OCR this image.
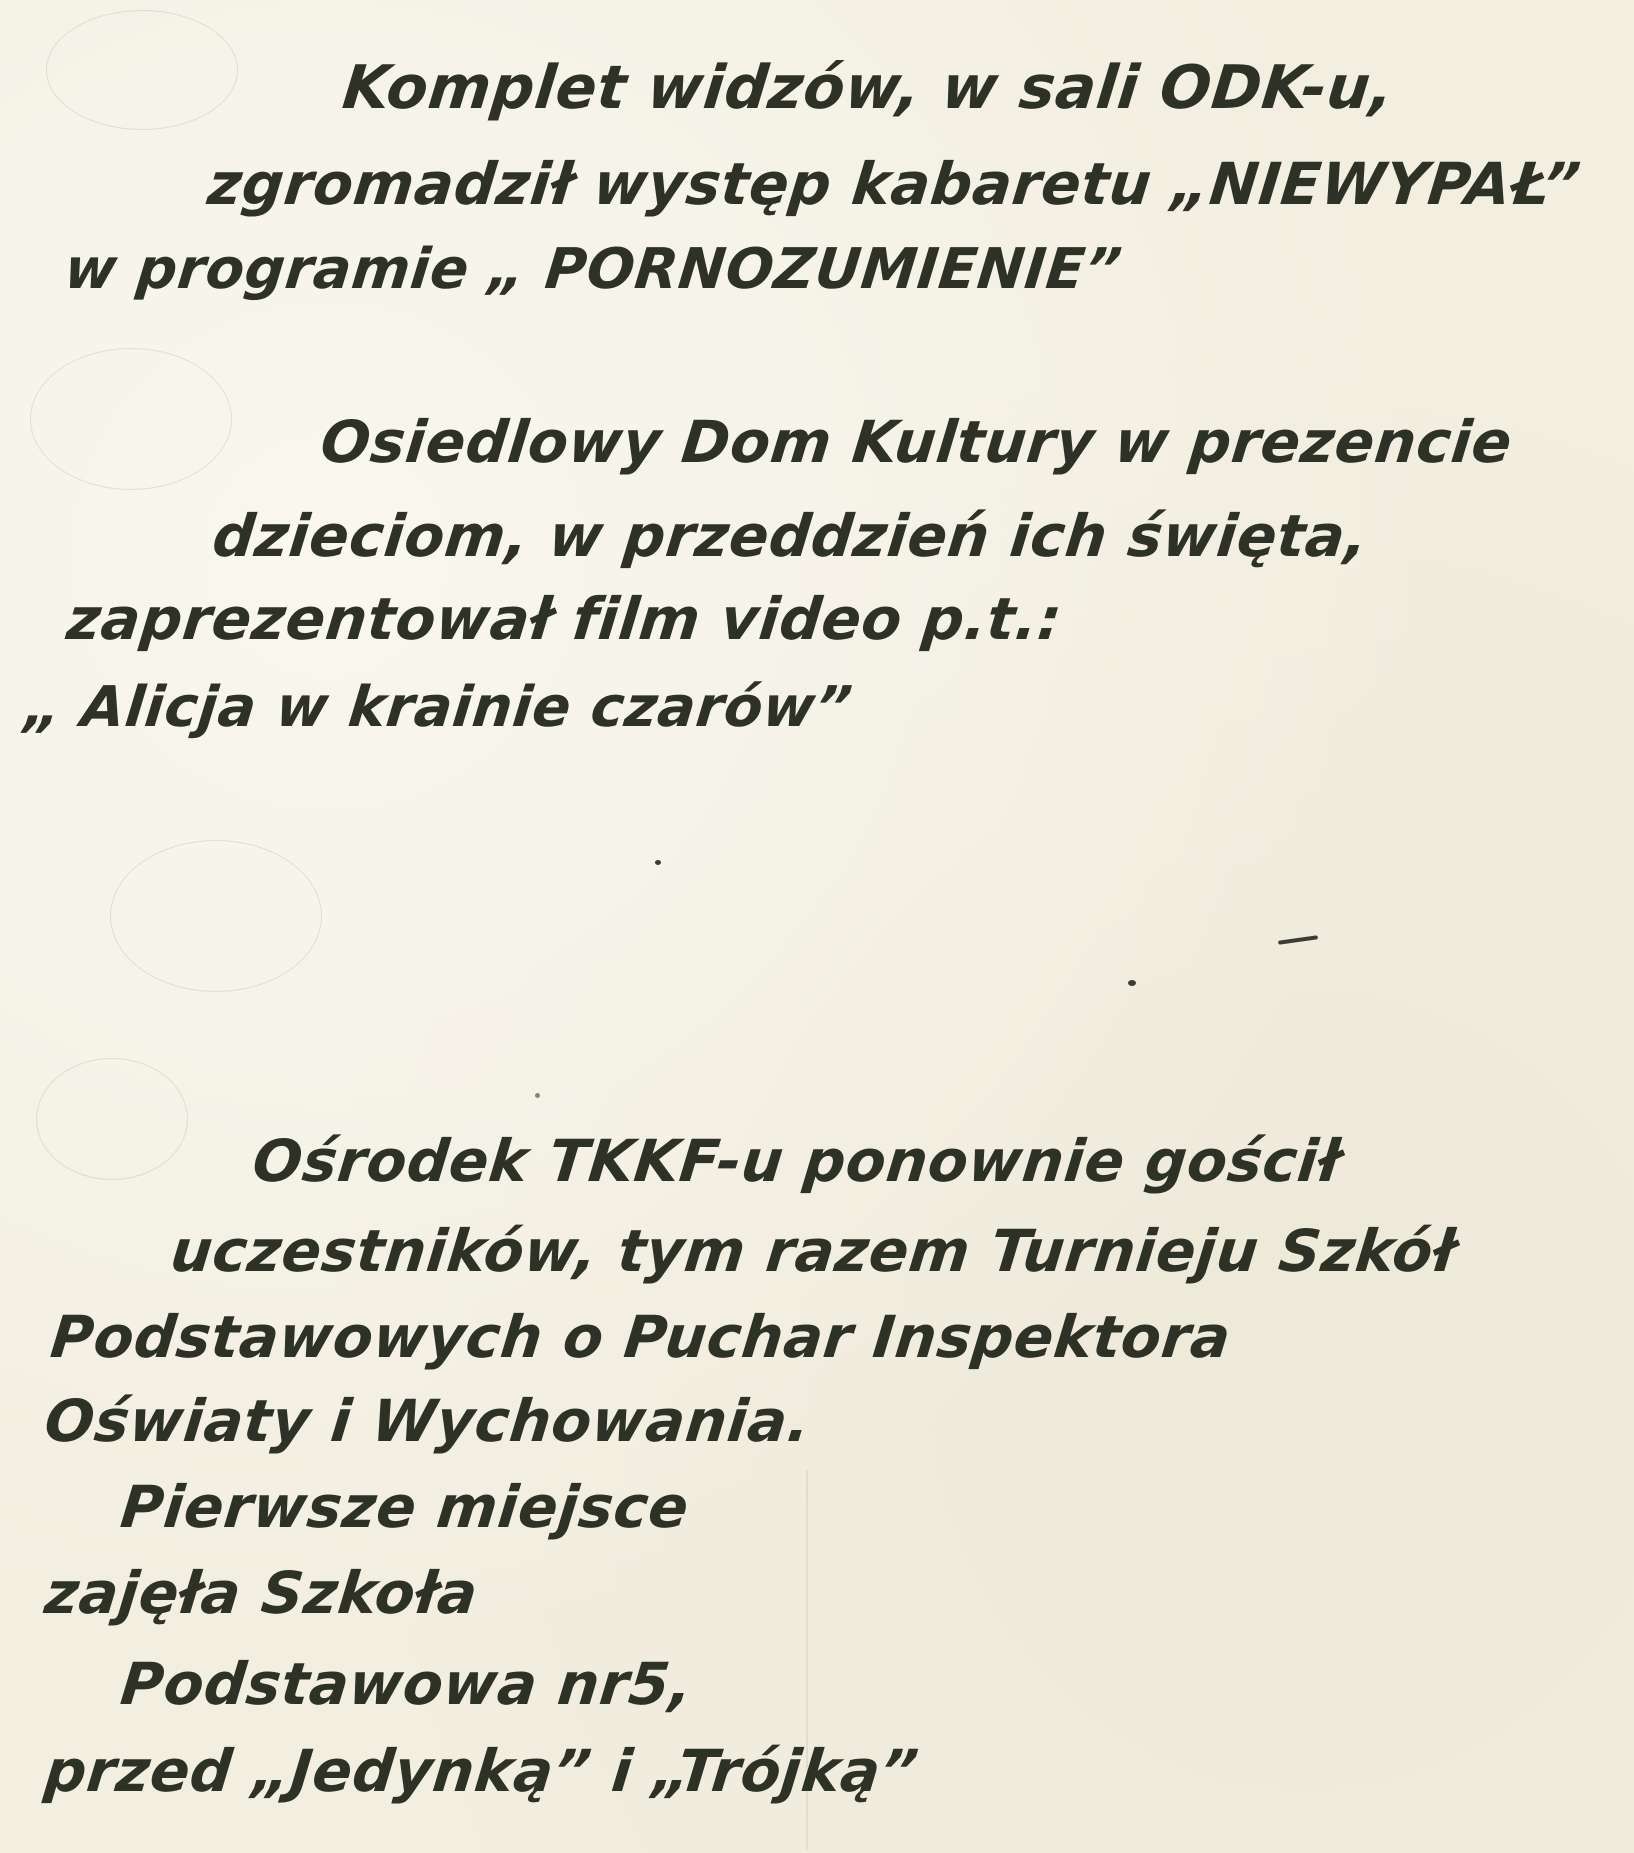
Komplet widzów, w sali ODK-u,
zgromadził występ kabaretu „NIEWYPAŁ”
w programie „ PORNOZUMIENIE”
Osiedlowy Dom Kultury w prezencie
dzieciom, w przeddzień ich święta,
zaprezentował film video p.t.:
„ Alicja w krainie czarów”
Ośrodek TKKF-u ponownie gościł
uczestników, tym razem Turnieju Szkół
Podstawowych o Puchar Inspektora
Oświaty i Wychowania.
Pierwsze miejsce
zajęła Szkoła
Podstawowa nr5,
przed „Jedynką” i „Trójką”
